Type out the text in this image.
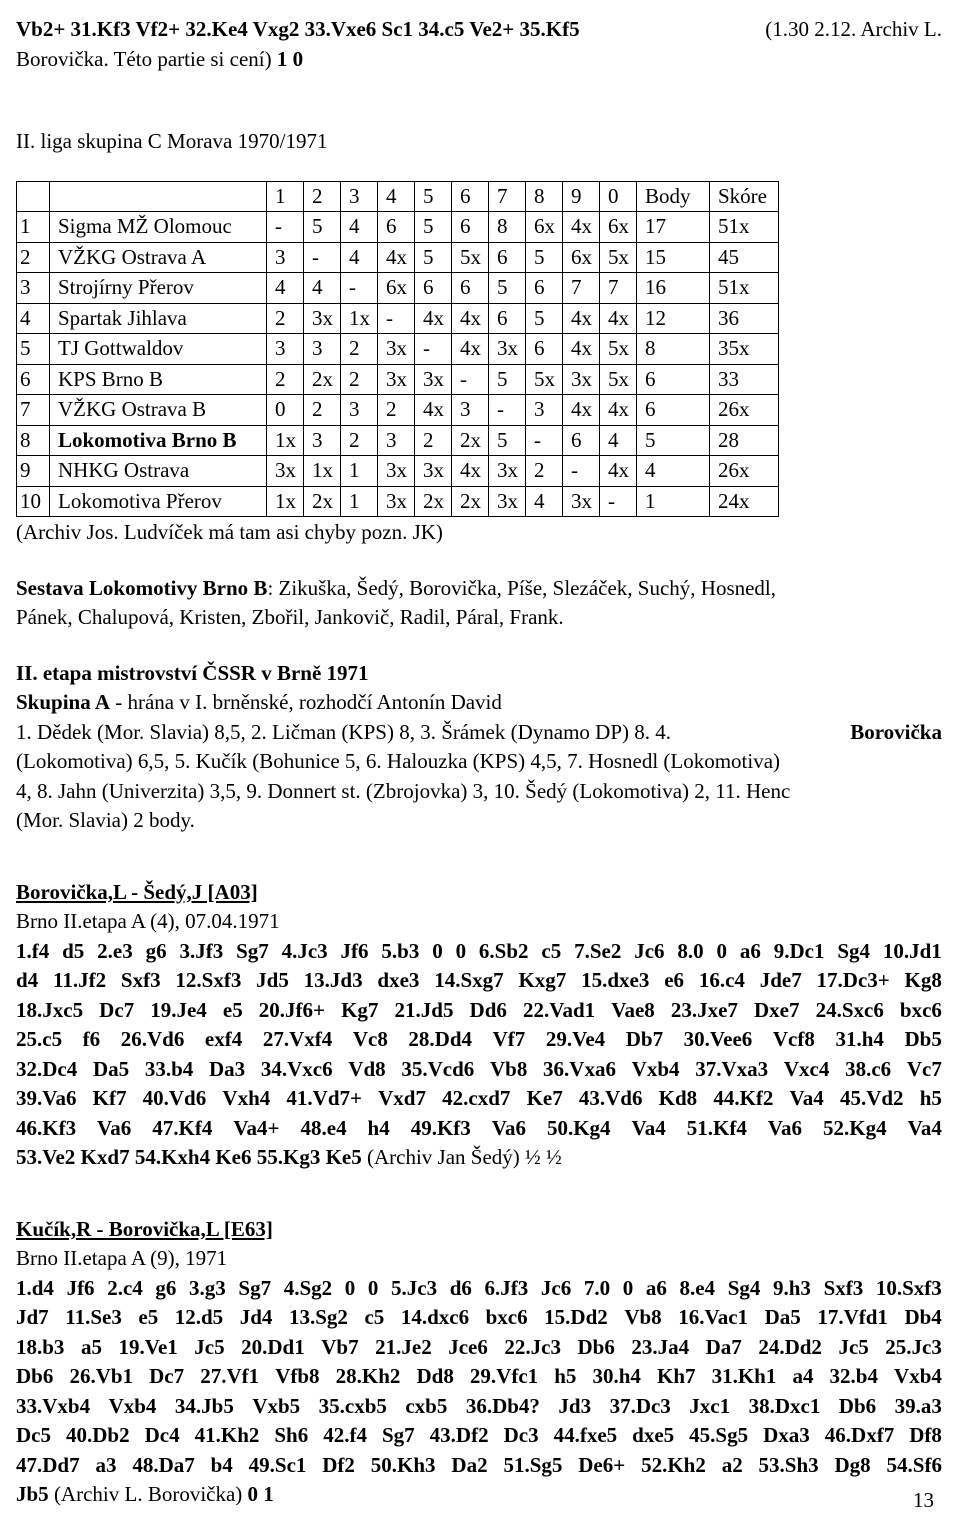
Vb2+ 31.Kf3 Vf2+ 32.Ke4 Vxg2 33.Vxe6 Sc1 34.c5 Ve2+ 35.Kf5	(1.30 2.12. Archiv L.
Borovička. Této partie si cení) 1 0
II. liga skupina C Morava 1970/1971
		1	2	3	4	5	6	7	8	9	0	Body	Skóre
1	Sigma MŽ Olomouc	-	5	4	6	5	6	8	6x	4x	6x	17	51x
2	VŽKG Ostrava A	3	-	4	4x	5	5x	6	5	6x	5x	15	45
3	Strojírny Přerov	4	4	-	6x	6	6	5	6	7	7	16	51x
4	Spartak Jihlava	2	3x	1x	-	4x	4x	6	5	4x	4x	12	36
5	TJ Gottwaldov	3	3	2	3x	-	4x	3x	6	4x	5x	8	35x
6	KPS Brno B	2	2x	2	3x	3x	-	5	5x	3x	5x	6	33
7	VŽKG Ostrava B	0	2	3	2	4x	3	-	3	4x	4x	6	26x
8	Lokomotiva Brno B	1x	3	2	3	2	2x	5	-	6	4	5	28
9	NHKG Ostrava	3x	1x	1	3x	3x	4x	3x	2	-	4x	4	26x
10	Lokomotiva Přerov	1x	2x	1	3x	2x	2x	3x	4	3x	-	1	24x
(Archiv Jos. Ludvíček má tam asi chyby pozn. JK)

Sestava Lokomotivy Brno B: Zikuška, Šedý, Borovička, Píše, Slezáček, Suchý, Hosnedl,
Pánek, Chalupová, Kristen, Zbořil, Jankovič, Radil, Páral, Frank.

II. etapa mistrovství ČSSR v Brně 1971
Skupina A - hrána v I. brněnské, rozhodčí Antonín David
1. Dědek (Mor. Slavia) 8,5, 2. Ličman (KPS) 8, 3. Šrámek (Dynamo DP) 8. 4.	Borovička
(Lokomotiva) 6,5, 5. Kučík (Bohunice 5, 6. Halouzka (KPS) 4,5, 7. Hosnedl (Lokomotiva)
4, 8. Jahn (Univerzita) 3,5, 9. Donnert st. (Zbrojovka) 3, 10. Šedý (Lokomotiva) 2, 11. Henc
(Mor. Slavia) 2 body.
Borovička,L - Šedý,J [A03]
Brno II.etapa A (4), 07.04.1971
1.f4 d5 2.e3 g6 3.Jf3 Sg7 4.Jc3 Jf6 5.b3 0 0 6.Sb2 c5 7.Se2 Jc6 8.0 0 a6 9.Dc1 Sg4 10.Jd1
d4 11.Jf2 Sxf3 12.Sxf3 Jd5 13.Jd3 dxe3 14.Sxg7 Kxg7 15.dxe3 e6 16.c4 Jde7 17.Dc3+ Kg8
18.Jxc5 Dc7 19.Je4 e5 20.Jf6+ Kg7 21.Jd5 Dd6 22.Vad1 Vae8 23.Jxe7 Dxe7 24.Sxc6 bxc6
25.c5 f6 26.Vd6 exf4 27.Vxf4 Vc8 28.Dd4 Vf7 29.Ve4 Db7 30.Vee6 Vcf8 31.h4 Db5
32.Dc4 Da5 33.b4 Da3 34.Vxc6 Vd8 35.Vcd6 Vb8 36.Vxa6 Vxb4 37.Vxa3 Vxc4 38.c6 Vc7
39.Va6 Kf7 40.Vd6 Vxh4 41.Vd7+ Vxd7 42.cxd7 Ke7 43.Vd6 Kd8 44.Kf2 Va4 45.Vd2 h5
46.Kf3 Va6 47.Kf4 Va4+ 48.e4 h4 49.Kf3 Va6 50.Kg4 Va4 51.Kf4 Va6 52.Kg4 Va4
53.Ve2 Kxd7 54.Kxh4 Ke6 55.Kg3 Ke5 (Archiv Jan Šedý) ½ ½
Kučík,R - Borovička,L [E63]
Brno II.etapa A (9), 1971
1.d4 Jf6 2.c4 g6 3.g3 Sg7 4.Sg2 0 0 5.Jc3 d6 6.Jf3 Jc6 7.0 0 a6 8.e4 Sg4 9.h3 Sxf3 10.Sxf3
Jd7 11.Se3 e5 12.d5 Jd4 13.Sg2 c5 14.dxc6 bxc6 15.Dd2 Vb8 16.Vac1 Da5 17.Vfd1 Db4
18.b3 a5 19.Ve1 Jc5 20.Dd1 Vb7 21.Je2 Jce6 22.Jc3 Db6 23.Ja4 Da7 24.Dd2 Jc5 25.Jc3
Db6 26.Vb1 Dc7 27.Vf1 Vfb8 28.Kh2 Dd8 29.Vfc1 h5 30.h4 Kh7 31.Kh1 a4 32.b4 Vxb4
33.Vxb4 Vxb4 34.Jb5 Vxb5 35.cxb5 cxb5 36.Db4? Jd3 37.Dc3 Jxc1 38.Dxc1 Db6 39.a3
Dc5 40.Db2 Dc4 41.Kh2 Sh6 42.f4 Sg7 43.Df2 Dc3 44.fxe5 dxe5 45.Sg5 Dxa3 46.Dxf7 Df8
47.Dd7 a3 48.Da7 b4 49.Sc1 Df2 50.Kh3 Da2 51.Sg5 De6+ 52.Kh2 a2 53.Sh3 Dg8 54.Sf6
Jb5 (Archiv L. Borovička) 0 1	13
